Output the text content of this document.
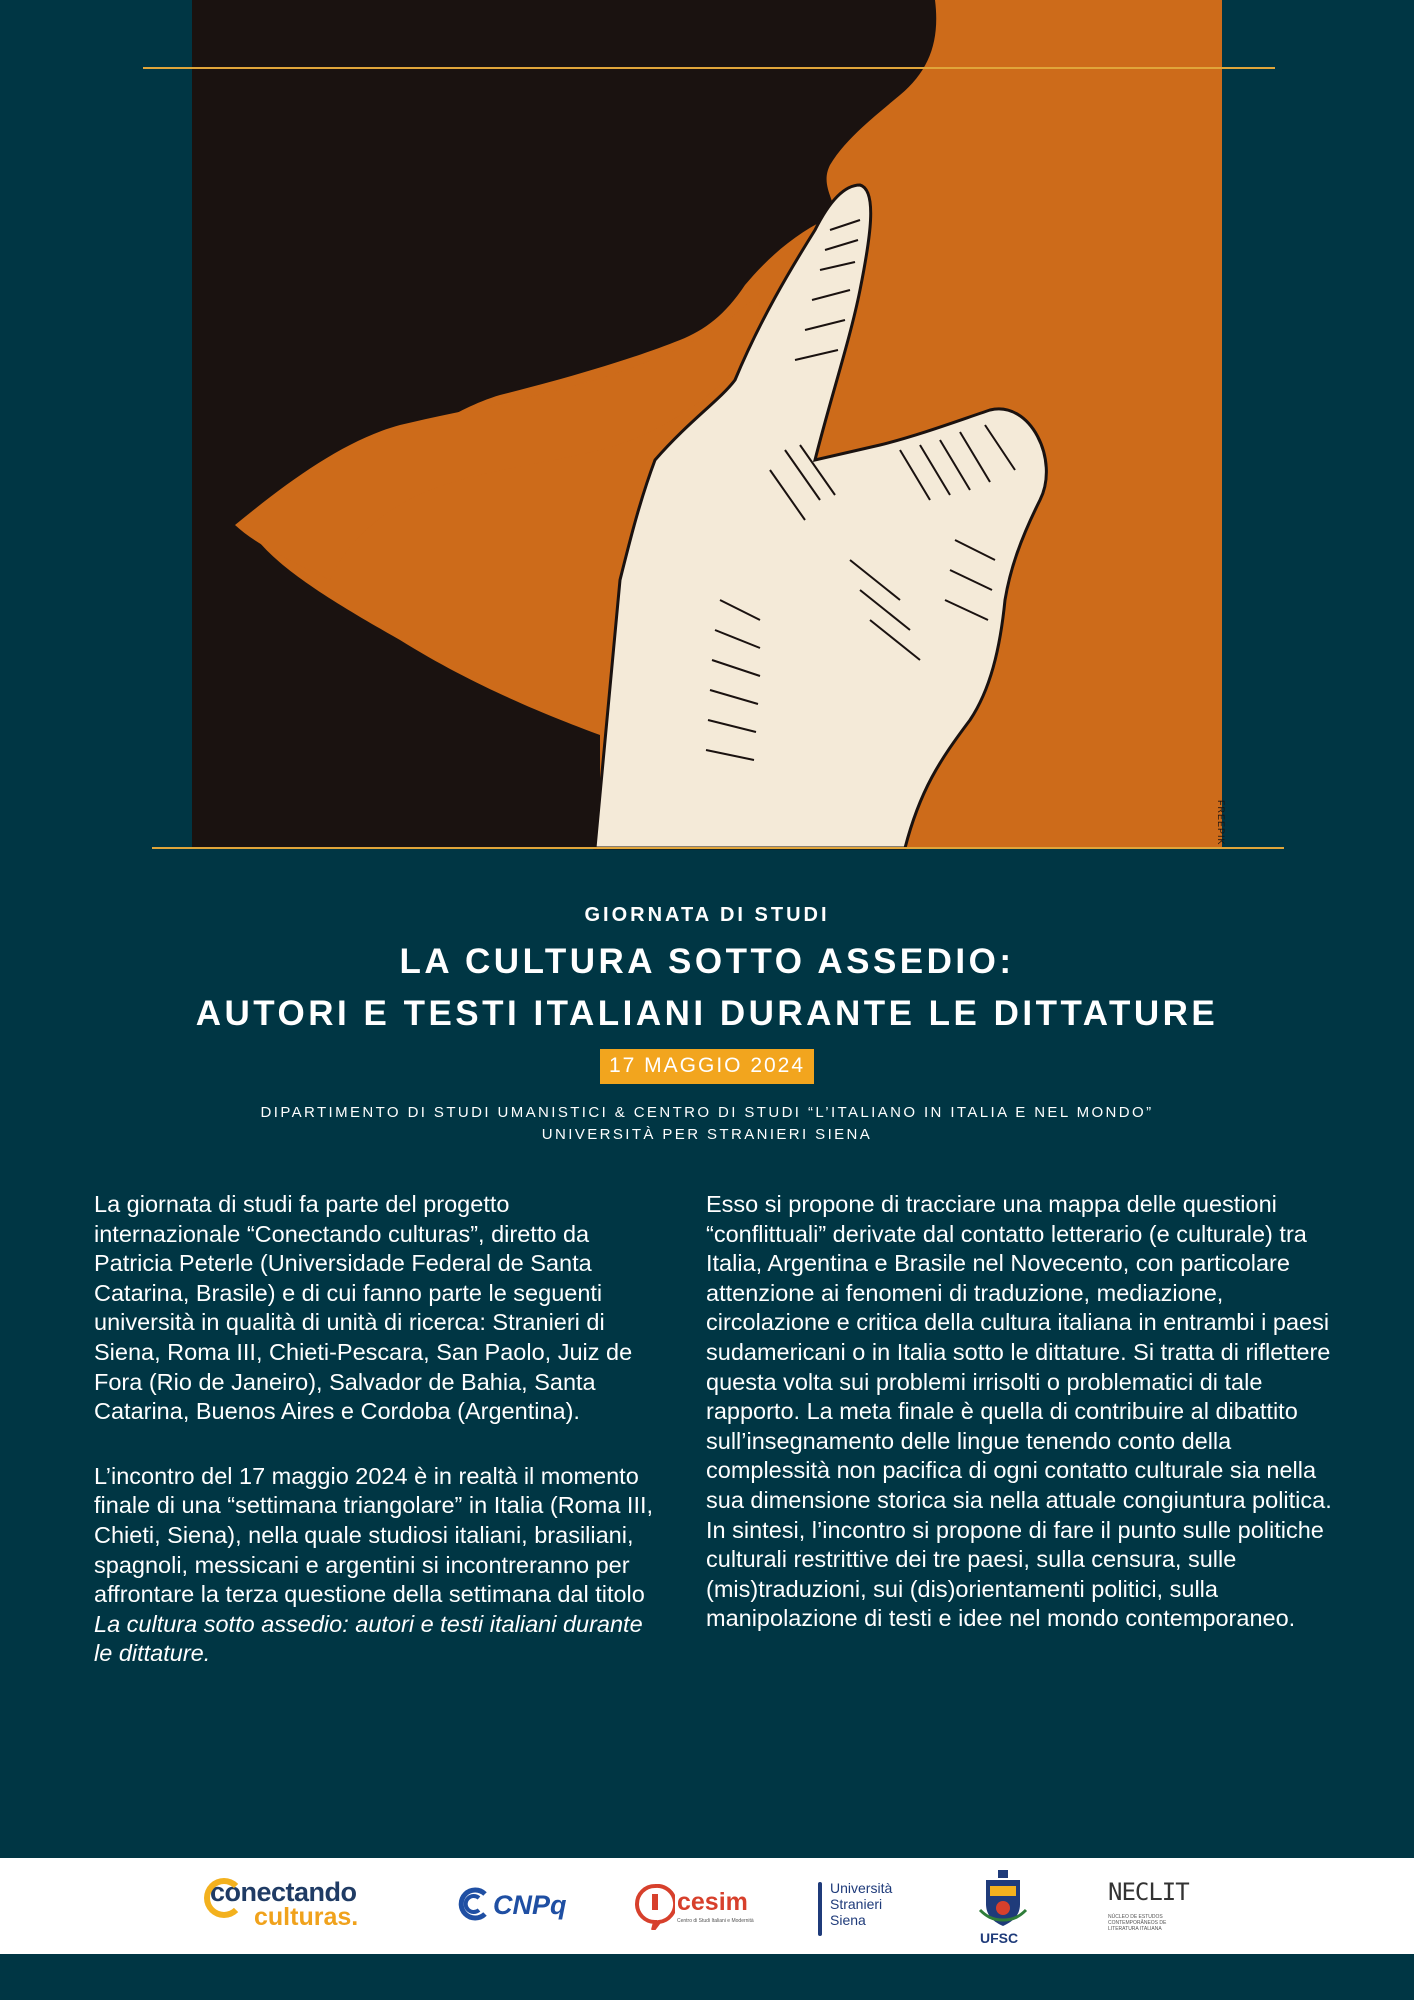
FREEPIK
GIORNATA DI STUDI
LA CULTURA SOTTO ASSEDIO:
AUTORI E TESTI ITALIANI DURANTE LE DITTATURE
17 MAGGIO 2024
DIPARTIMENTO DI STUDI UMANISTICI & CENTRO DI STUDI “L’ITALIANO IN ITALIA E NEL MONDO”
UNIVERSITÀ PER STRANIERI SIENA

La giornata di studi fa parte del progetto internazionale “Conectando culturas”, diretto da Patricia Peterle (Universidade Federal de Santa Catarina, Brasile) e di cui fanno parte le seguenti università in qualità di unità di ricerca: Stranieri di Siena, Roma III, Chieti-Pescara, San Paolo, Juiz de Fora (Rio de Janeiro), Salvador de Bahia, Santa Catarina, Buenos Aires e Cordoba (Argentina).

L’incontro del 17 maggio 2024 è in realtà il momento finale di una “settimana triangolare” in Italia (Roma III, Chieti, Siena), nella quale studiosi italiani, brasiliani, spagnoli, messicani e argentini si incontreranno per affrontare la terza questione della settimana dal titolo La cultura sotto assedio: autori e testi italiani durante le dittature.

Esso si propone di tracciare una mappa delle questioni “conflittuali” derivate dal contatto letterario (e culturale) tra Italia, Argentina e Brasile nel Novecento, con particolare attenzione ai fenomeni di traduzione, mediazione, circolazione e critica della cultura italiana in entrambi i paesi sudamericani o in Italia sotto le dittature. Si tratta di riflettere questa volta sui problemi irrisolti o problematici di tale rapporto. La meta finale è quella di contribuire al dibattito sull’insegnamento delle lingue tenendo conto della complessità non pacifica di ogni contatto culturale sia nella sua dimensione storica sia nella attuale congiuntura politica. In sintesi, l’incontro si propone di fare il punto sulle politiche culturali restrittive dei tre paesi, sulla censura, sulle (mis)traduzioni, sui (dis)orientamenti politici, sulla manipolazione di testi e idee nel mondo contemporaneo.

conectando
culturas.	CNPq	cesim
Centro di Studi Italiani e Modernità
Università
Stranieri
Siena
UFSC
NECLIT
NÚCLEO DE ESTUDOS CONTEMPORÂNEOS DE LITERATURA ITALIANA
